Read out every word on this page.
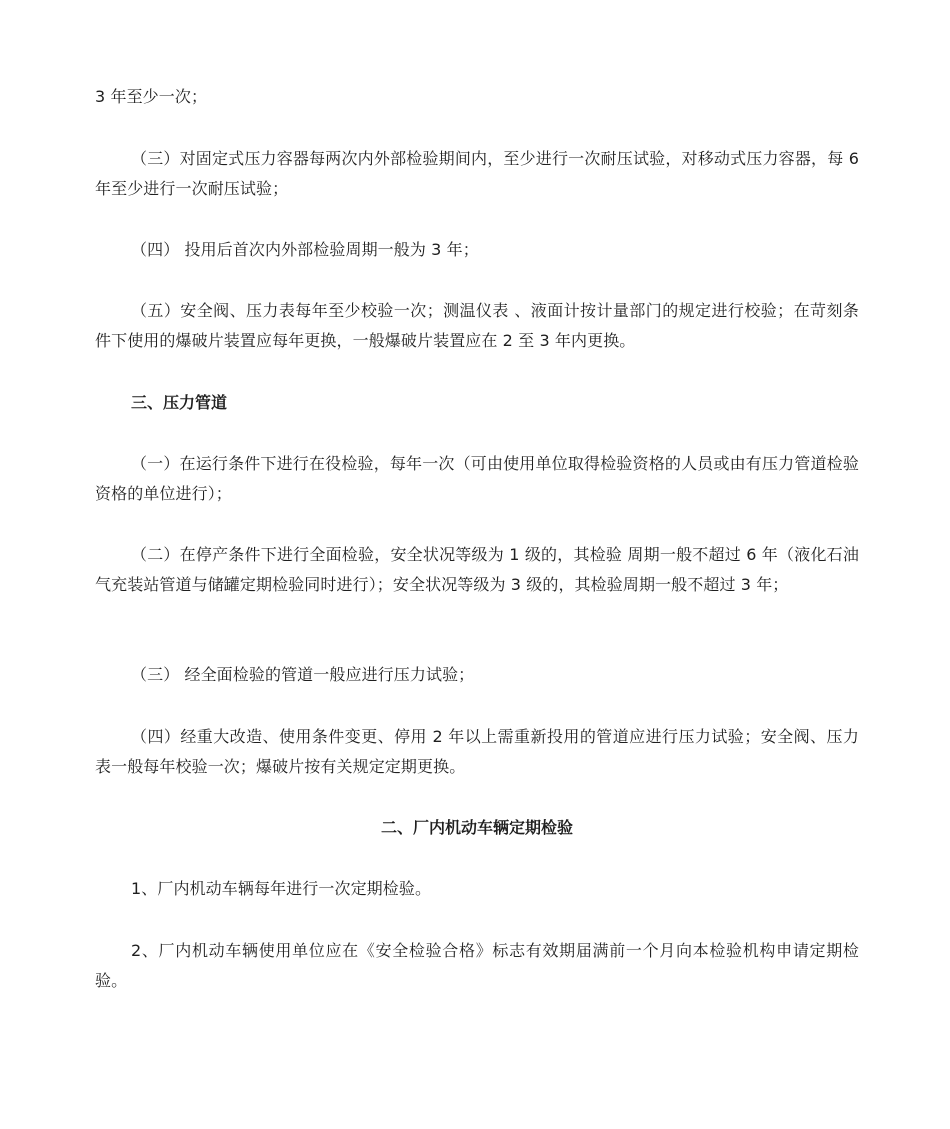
3 年至少一次；

（三）对固定式压力容器每两次内外部检验期间内，至少进行一次耐压试验，对移动式压力容器，每 6 年至少进行一次耐压试验；

（四） 投用后首次内外部检验周期一般为 3 年；

（五）安全阀、压力表每年至少校验一次；测温仪表 、液面计按计量部门的规定进行校验；在苛刻条件下使用的爆破片装置应每年更换，一般爆破片装置应在 2 至 3 年内更换。

三、压力管道

（一）在运行条件下进行在役检验，每年一次（可由使用单位取得检验资格的人员或由有压力管道检验资格的单位进行）；

（二）在停产条件下进行全面检验，安全状况等级为 1 级的，其检验 周期一般不超过 6 年（液化石油气充装站管道与储罐定期检验同时进行）；安全状况等级为 3 级的，其检验周期一般不超过 3 年；

（三） 经全面检验的管道一般应进行压力试验；

（四）经重大改造、使用条件变更、停用 2 年以上需重新投用的管道应进行压力试验；安全阀、压力表一般每年校验一次；爆破片按有关规定定期更换。

二、厂内机动车辆定期检验

1、厂内机动车辆每年进行一次定期检验。

2、厂内机动车辆使用单位应在《安全检验合格》标志有效期届满前一个月向本检验机构申请定期检验。
